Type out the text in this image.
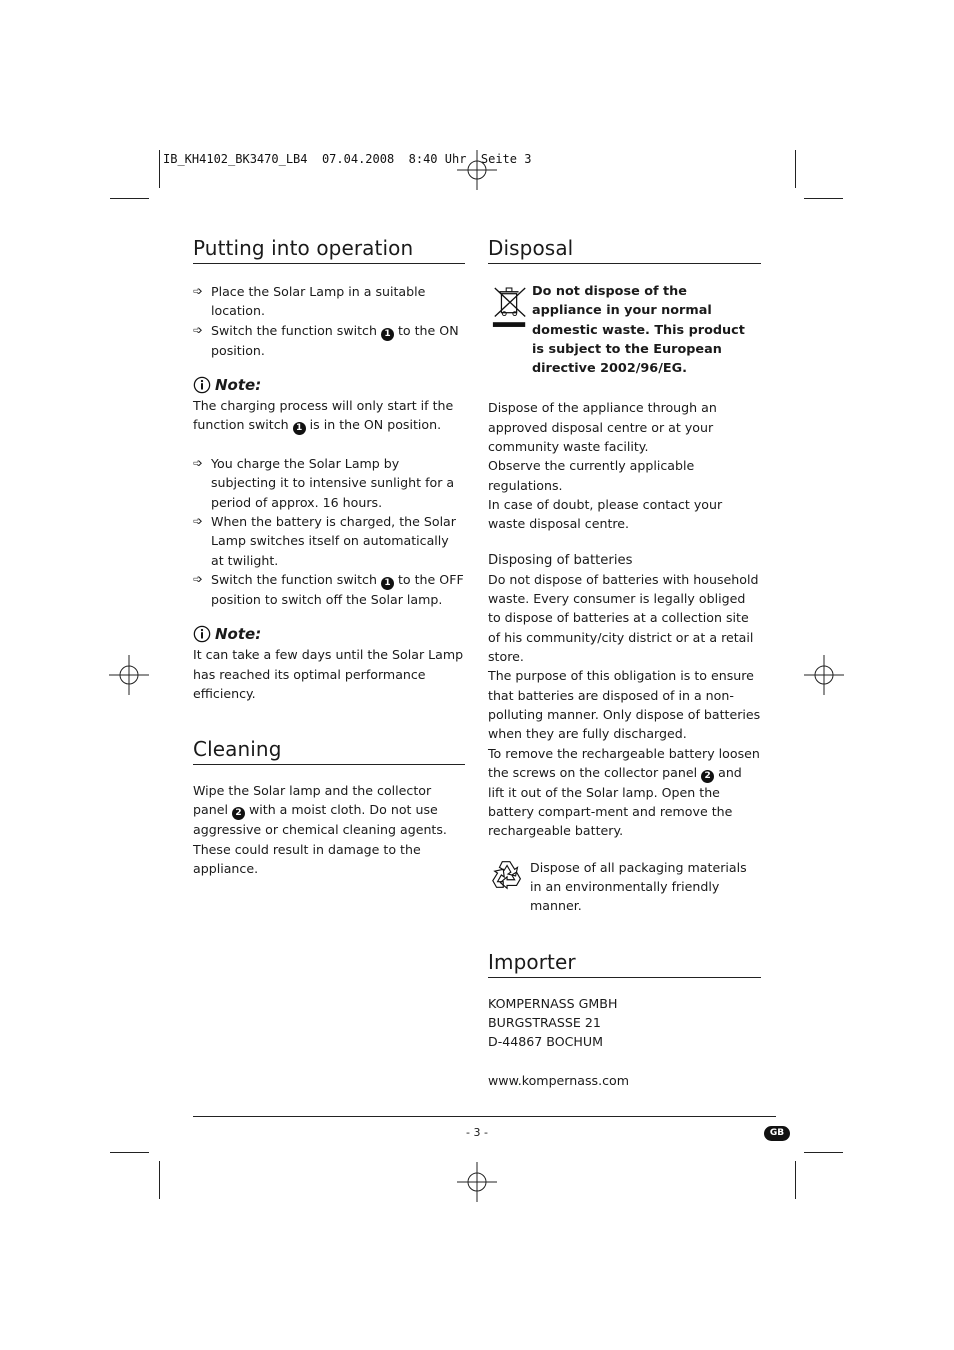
IB_KH4102_BK3470_LB4  07.04.2008  8:40 Uhr  Seite 3
Putting into operation

➩ Place the Solar Lamp in a suitable location.

➩ Switch the function switch 1 to the ON position.

Note:

The charging process will only start if the function switch 1 is in the ON position.

➩ You charge the Solar Lamp by subjecting it to intensive sunlight for a period of approx. 16 hours.

➩ When the battery is charged, the Solar Lamp switches itself on automatically at twilight.

➩ Switch the function switch 1 to the OFF position to switch off the Solar lamp.

Note:

It can take a few days until the Solar Lamp has reached its optimal performance efficiency.

Cleaning

Wipe the Solar lamp and the collector panel 2 with a moist cloth. Do not use aggressive or chemical cleaning agents. These could result in damage to the appliance.

Disposal

Do not dispose of the appliance in your normal domestic waste. This product is subject to the European directive 2002/96/EG.

Dispose of the appliance through an approved disposal centre or at your community waste facility.

Observe the currently applicable regulations.

In case of doubt, please contact your waste disposal centre.

Disposing of batteries

Do not dispose of batteries with household waste. Every consumer is legally obliged to dispose of batteries at a collection site of his community/city district or at a retail store.

The purpose of this obligation is to ensure that batteries are disposed of in a non-polluting manner. Only dispose of batteries when they are fully discharged.

To remove the rechargeable battery loosen the screws on the collector panel 2 and lift it out of the Solar lamp. Open the battery compart-ment and remove the rechargeable battery.

Dispose of all packaging materials in an environmentally friendly manner.

Importer

KOMPERNASS GMBH

BURGSTRASSE 21

D-44867 BOCHUM

www.kompernass.com

- 3 -	GB
